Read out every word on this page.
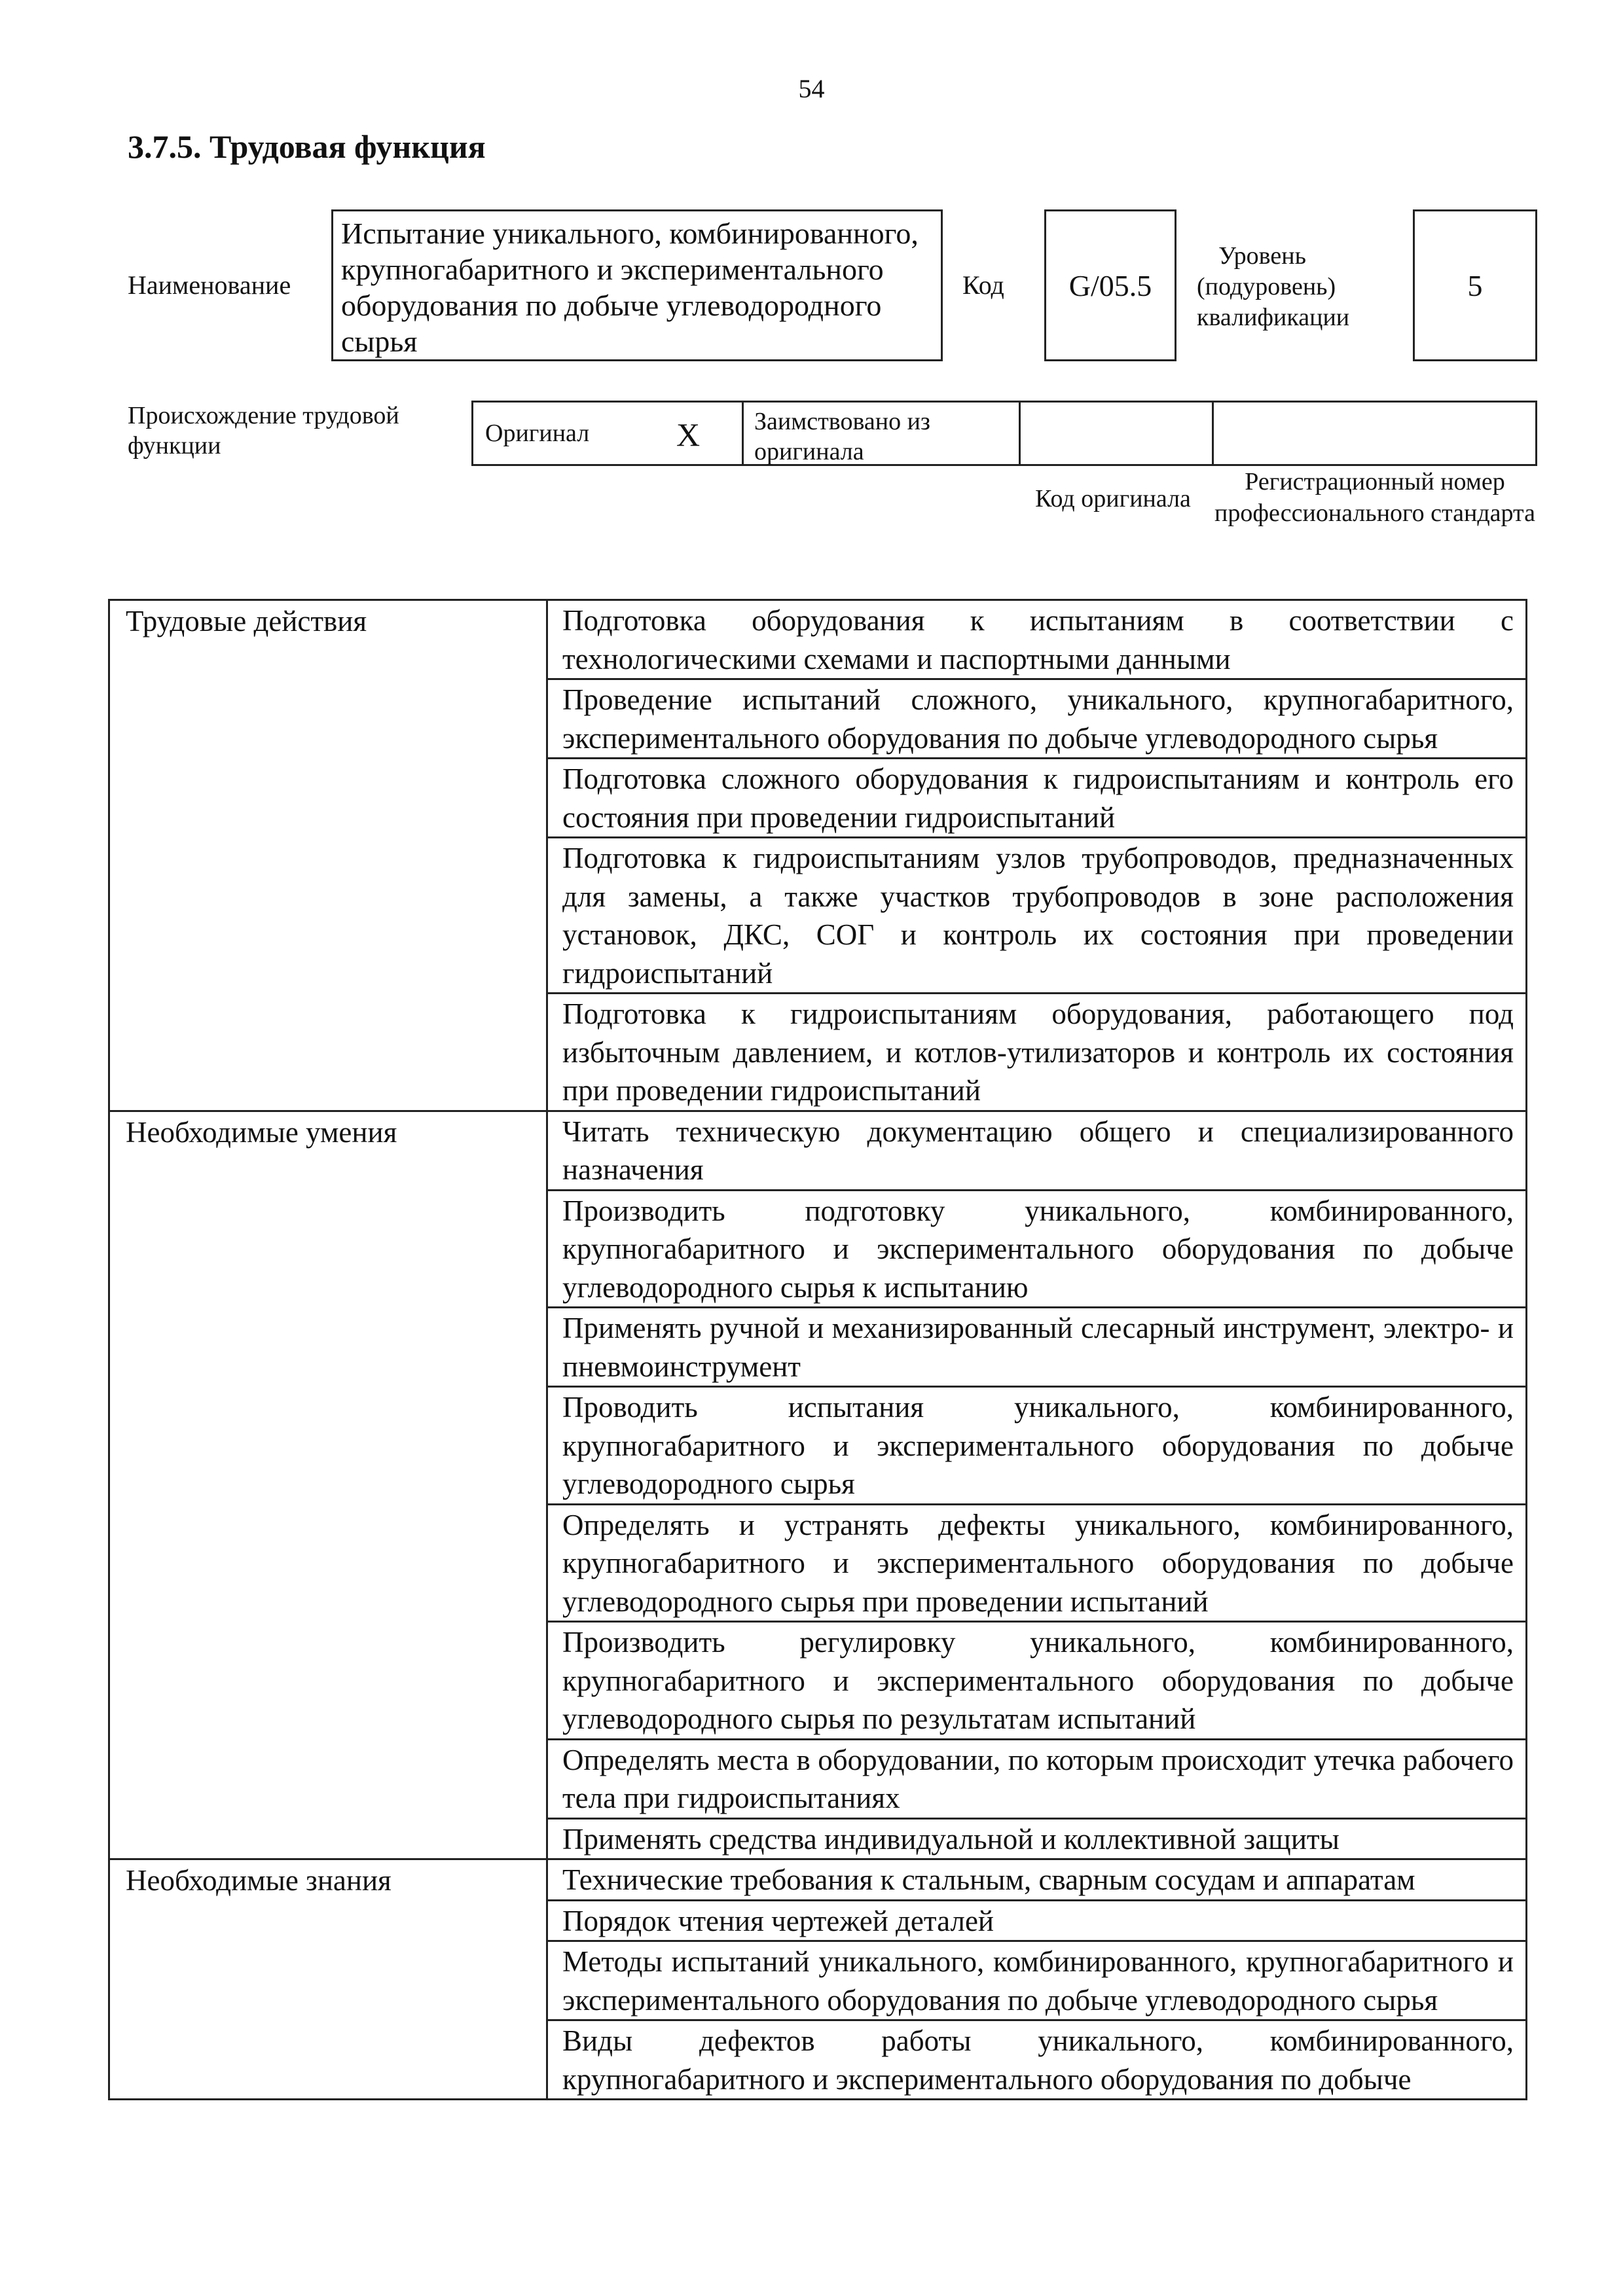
54
3.7.5. Трудовая функция
Наименование
Испытание уникального, комбинированного, крупногабаритного и экспериментального оборудования по добыче углеводородного сырья
Код	G/05.5
Уровень (подуровень) квалификации
5
Происхождение трудовой функции	Оригинал	X	Заимствовано из оригинала
Код оригинала
Регистрационный номер профессионального стандарта
Трудовые действия	Подготовка оборудования к испытаниям в соответствии с технологическими схемами и паспортными данными
	Проведение испытаний сложного, уникального, крупногабаритного, экспериментального оборудования по добыче углеводородного сырья
	Подготовка сложного оборудования к гидроиспытаниям и контроль его состояния при проведении гидроиспытаний
	Подготовка к гидроиспытаниям узлов трубопроводов, предназначенных для замены, а также участков трубопроводов в зоне расположения установок, ДКС, СОГ и контроль их состояния при проведении гидроиспытаний
	Подготовка к гидроиспытаниям оборудования, работающего под избыточным давлением, и котлов-утилизаторов и контроль их состояния при проведении гидроиспытаний
Необходимые умения	Читать техническую документацию общего и специализированного назначения
	Производить подготовку уникального, комбинированного, крупногабаритного и экспериментального оборудования по добыче углеводородного сырья к испытанию
	Применять ручной и механизированный слесарный инструмент, электро- и пневмоинструмент
	Проводить испытания уникального, комбинированного, крупногабаритного и экспериментального оборудования по добыче углеводородного сырья
	Определять и устранять дефекты уникального, комбинированного, крупногабаритного и экспериментального оборудования по добыче углеводородного сырья при проведении испытаний
	Производить регулировку уникального, комбинированного, крупногабаритного и экспериментального оборудования по добыче углеводородного сырья по результатам испытаний
	Определять места в оборудовании, по которым происходит утечка рабочего тела при гидроиспытаниях
	Применять средства индивидуальной и коллективной защиты
Необходимые знания	Технические требования к стальным, сварным сосудам и аппаратам
	Порядок чтения чертежей деталей
	Методы испытаний уникального, комбинированного, крупногабаритного и экспериментального оборудования по добыче углеводородного сырья
	Виды дефектов работы уникального, комбинированного, крупногабаритного и экспериментального оборудования по добыче
